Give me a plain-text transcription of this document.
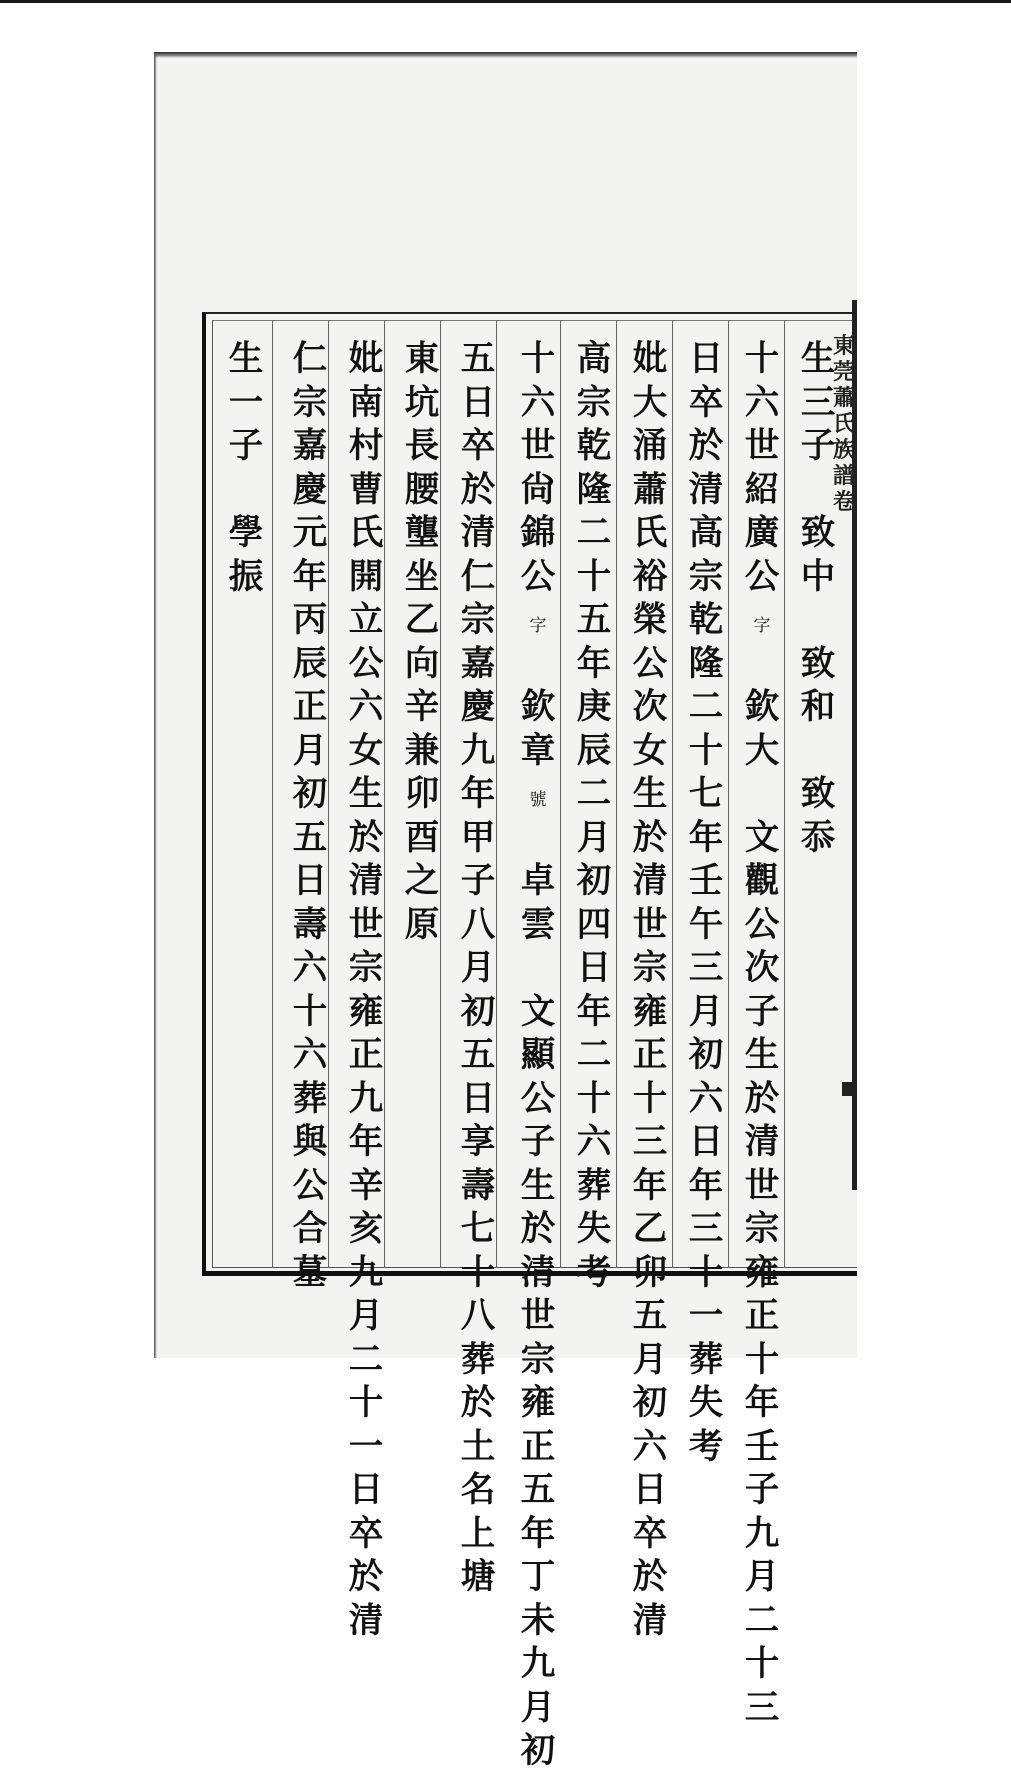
東莞蕭氏族譜卷
生
三
子

致
中

致
和

致
忝

十
六
世
紹
廣
公
字

欽
大

文
觀
公
次
子
生
於
清
世
宗
雍
正
十
年
壬
子
九
月
二
十
三

日
卒
於
清
高
宗
乾
隆
二
十
七
年
壬
午
三
月
初
六
日
年
三
十
一
葬
失
考

妣
大
涌
蕭
氏
裕
榮
公
次
女
生
於
清
世
宗
雍
正
十
三
年
乙
卯
五
月
初
六
日
卒
於
清

高
宗
乾
隆
二
十
五
年
庚
辰
二
月
初
四
日
年
二
十
六
葬
失
考

十
六
世
尙
錦
公
字

欽
章
號

卓
雲

文
顯
公
子
生
於
清
世
宗
雍
正
五
年
丁
未
九
月
初

五
日
卒
於
清
仁
宗
嘉
慶
九
年
甲
子
八
月
初
五
日
享
壽
七
十
八
葬
於
土
名
上
塘

東
坑
長
腰
壟
坐
乙
向
辛
兼
卯
酉
之
原

妣
南
村
曹
氏
開
立
公
六
女
生
於
清
世
宗
雍
正
九
年
辛
亥
九
月
二
十
一
日
卒
於
清

仁
宗
嘉
慶
元
年
丙
辰
正
月
初
五
日
壽
六
十
六
葬
與
公
合
墓

生
一
子

學
振
